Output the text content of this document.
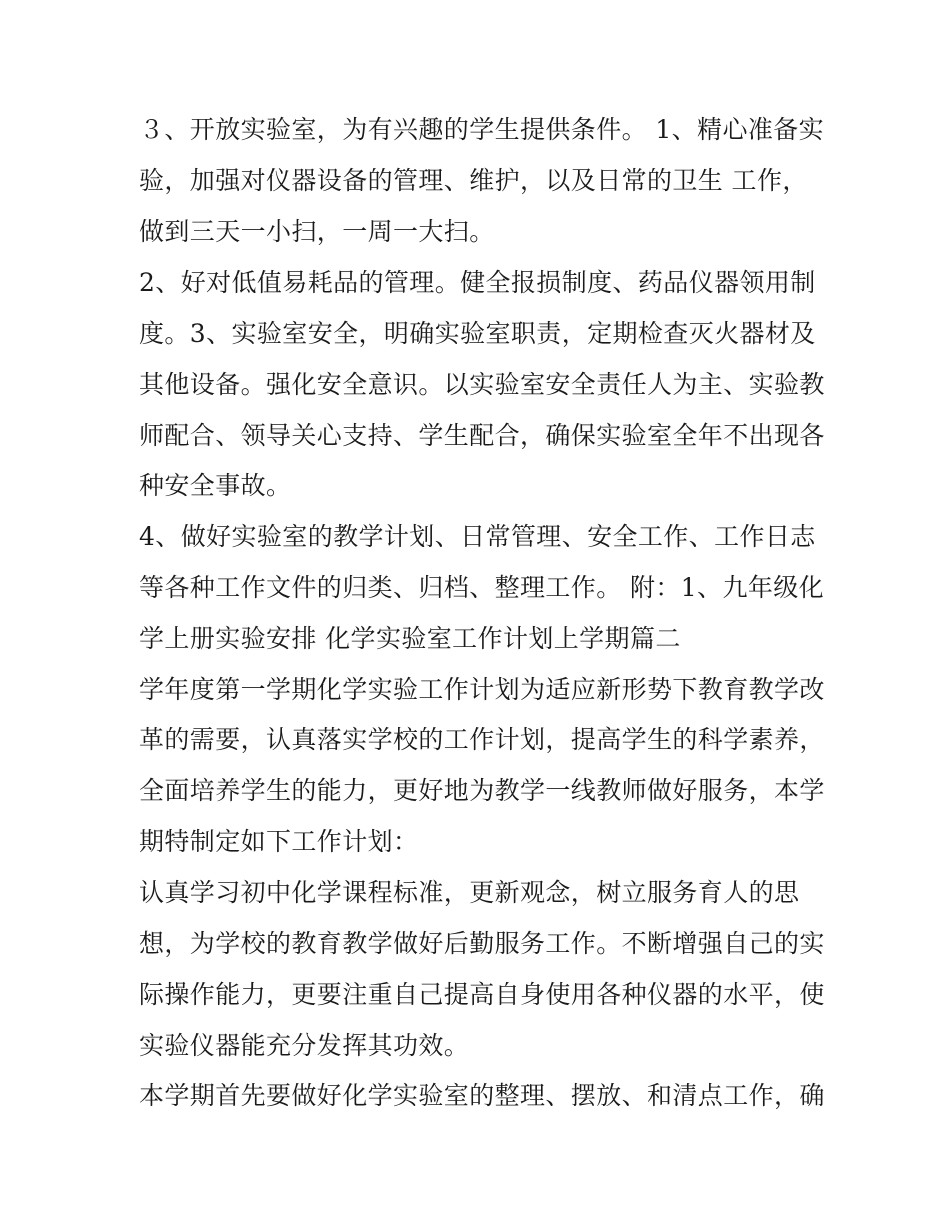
３、开放实验室，为有兴趣的学生提供条件。 1、精心准备实
验，加强对仪器设备的管理、维护，以及日常的卫生 工作，
做到三天一小扫，一周一大扫。
2、好对低值易耗品的管理。健全报损制度、药品仪器领用制
度。3、实验室安全，明确实验室职责，定期检查灭火器材及
其他设备。强化安全意识。以实验室安全责任人为主、实验教
师配合、领导关心支持、学生配合，确保实验室全年不出现各
种安全事故。
4、做好实验室的教学计划、日常管理、安全工作、工作日志
等各种工作文件的归类、归档、整理工作。 附：1、九年级化
学上册实验安排 化学实验室工作计划上学期篇二
学年度第一学期化学实验工作计划为适应新形势下教育教学改
革的需要，认真落实学校的工作计划，提高学生的科学素养，
全面培养学生的能力，更好地为教学一线教师做好服务，本学
期特制定如下工作计划：
认真学习初中化学课程标准，更新观念，树立服务育人的思
想，为学校的教育教学做好后勤服务工作。不断增强自己的实
际操作能力，更要注重自己提高自身使用各种仪器的水平，使
实验仪器能充分发挥其功效。
本学期首先要做好化学实验室的整理、摆放、和清点工作，确
